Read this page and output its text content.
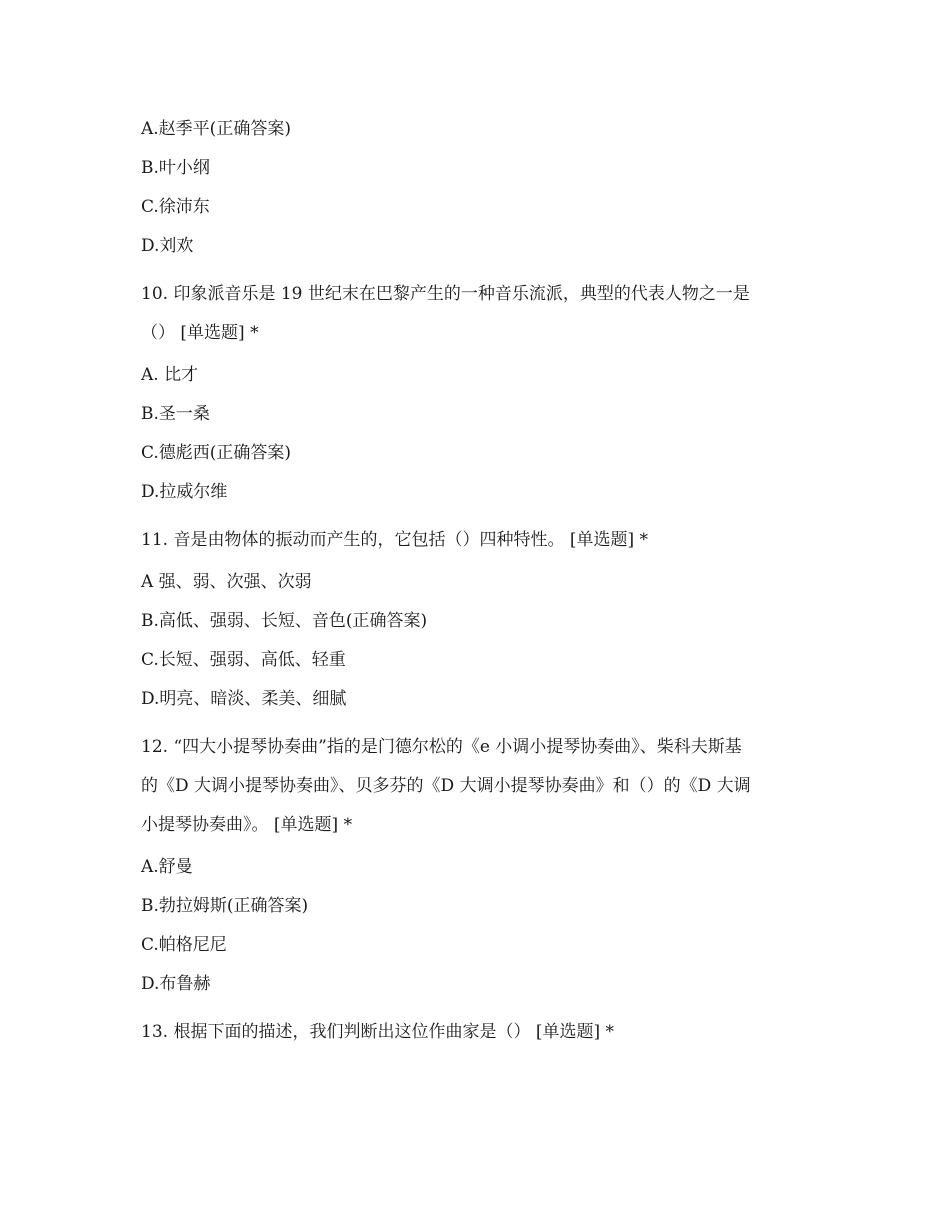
A.赵季平(正确答案)
B.叶小纲
C.徐沛东
D.刘欢
10. 印象派音乐是 19 世纪末在巴黎产生的一种音乐流派，典型的代表人物之一是
（） [单选题] *
A. 比才
B.圣一桑
C.德彪西(正确答案)
D.拉威尔维
11. 音是由物体的振动而产生的，它包括（）四种特性。 [单选题] *
A 强、弱、次强、次弱
B.高低、强弱、长短、音色(正确答案)
C.长短、强弱、高低、轻重
D.明亮、暗淡、柔美、细腻
12. “四大小提琴协奏曲”指的是门德尔松的《e 小调小提琴协奏曲》、柴科夫斯基
的《D 大调小提琴协奏曲》、贝多芬的《D 大调小提琴协奏曲》和（）的《D 大调
小提琴协奏曲》。 [单选题] *
A.舒曼
B.勃拉姆斯(正确答案)
C.帕格尼尼
D.布鲁赫
13. 根据下面的描述，我们判断出这位作曲家是（） [单选题] *
